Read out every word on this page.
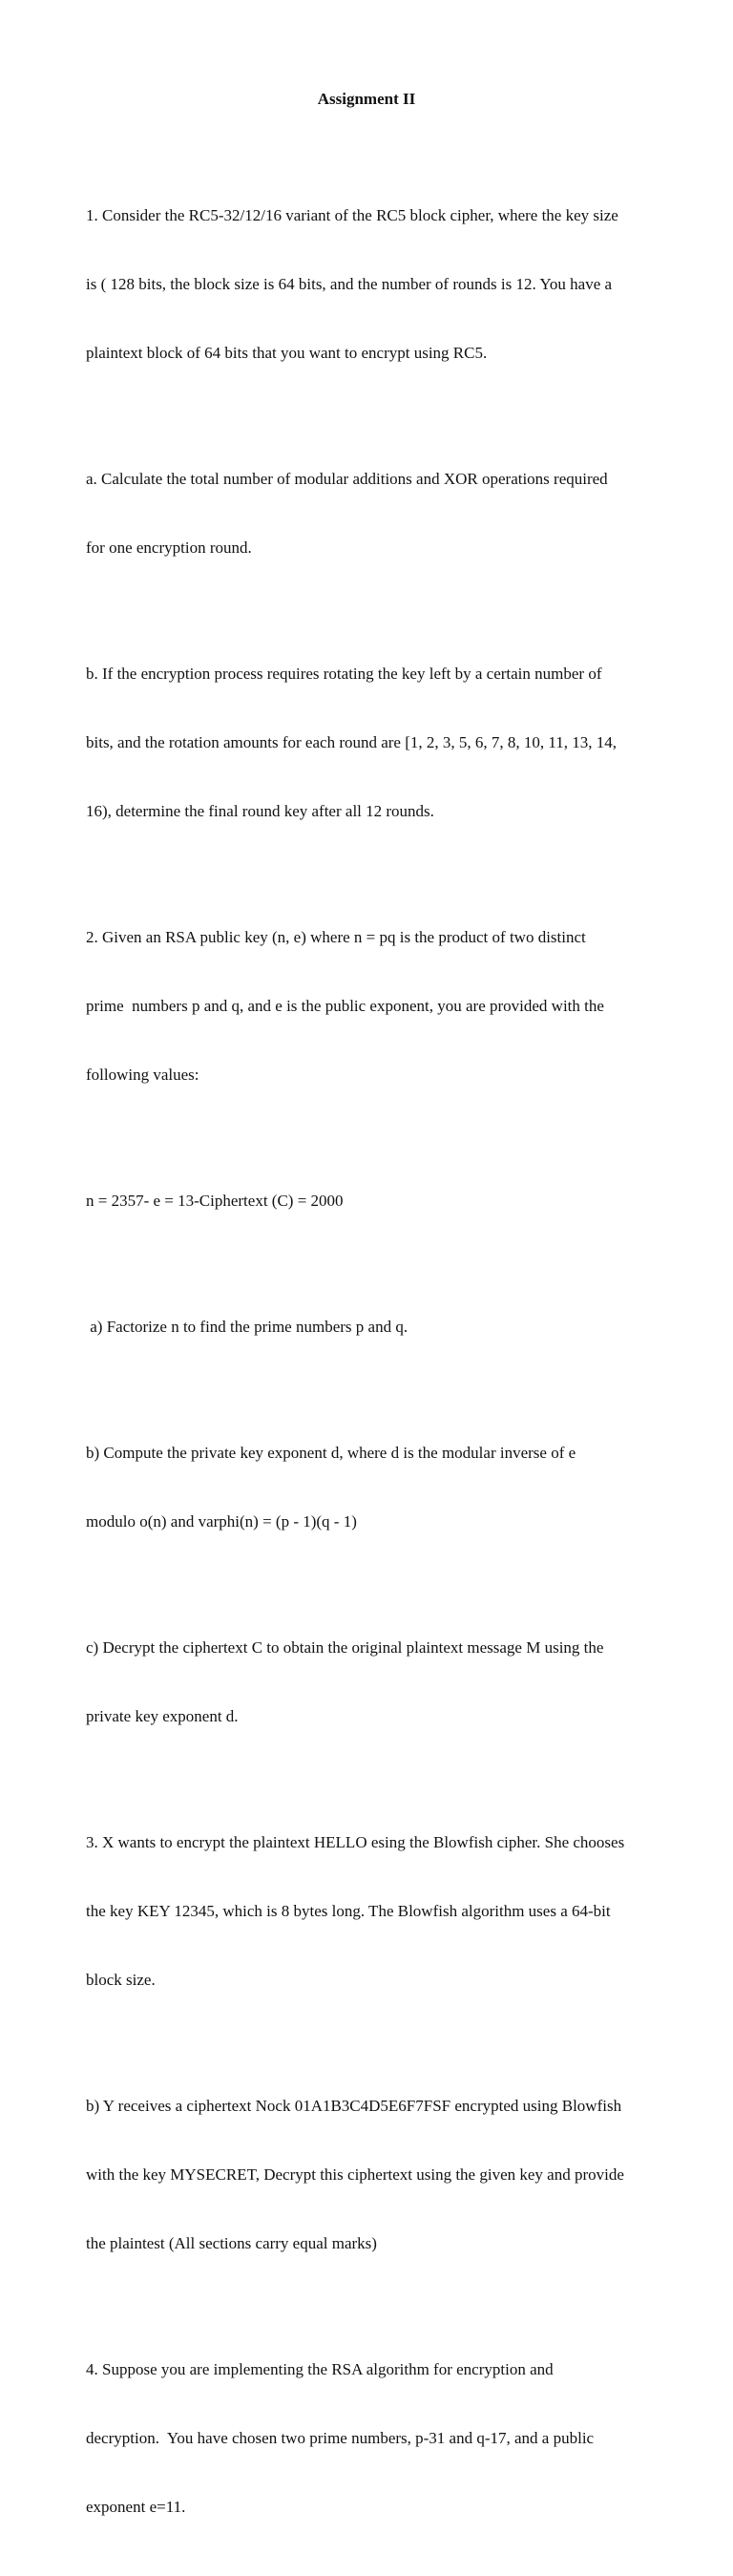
Assignment II

1. Consider the RC5-32/12/16 variant of the RC5 block cipher, where the key size

is ( 128 bits, the block size is 64 bits, and the number of rounds is 12. You have a

plaintext block of 64 bits that you want to encrypt using RC5.

a. Calculate the total number of modular additions and XOR operations required

for one encryption round.

b. If the encryption process requires rotating the key left by a certain number of

bits, and the rotation amounts for each round are [1, 2, 3, 5, 6, 7, 8, 10, 11, 13, 14,

16), determine the final round key after all 12 rounds.

2. Given an RSA public key (n, e) where n = pq is the product of two distinct

prime  numbers p and q, and e is the public exponent, you are provided with the

following values:

n = 2357- e = 13-Ciphertext (C) = 2000

a) Factorize n to find the prime numbers p and q.

b) Compute the private key exponent d, where d is the modular inverse of e

modulo o(n) and varphi(n) = (p - 1)(q - 1)

c) Decrypt the ciphertext C to obtain the original plaintext message M using the

private key exponent d.

3. X wants to encrypt the plaintext HELLO esing the Blowfish cipher. She chooses

the key KEY 12345, which is 8 bytes long. The Blowfish algorithm uses a 64-bit

block size.

b) Y receives a ciphertext Nock 01A1B3C4D5E6F7FSF encrypted using Blowfish

with the key MYSECRET, Decrypt this ciphertext using the given key and provide

the plaintest (All sections carry equal marks)

4. Suppose you are implementing the RSA algorithm for encryption and

decryption.  You have chosen two prime numbers, p-31 and q-17, and a public

exponent e=11.
